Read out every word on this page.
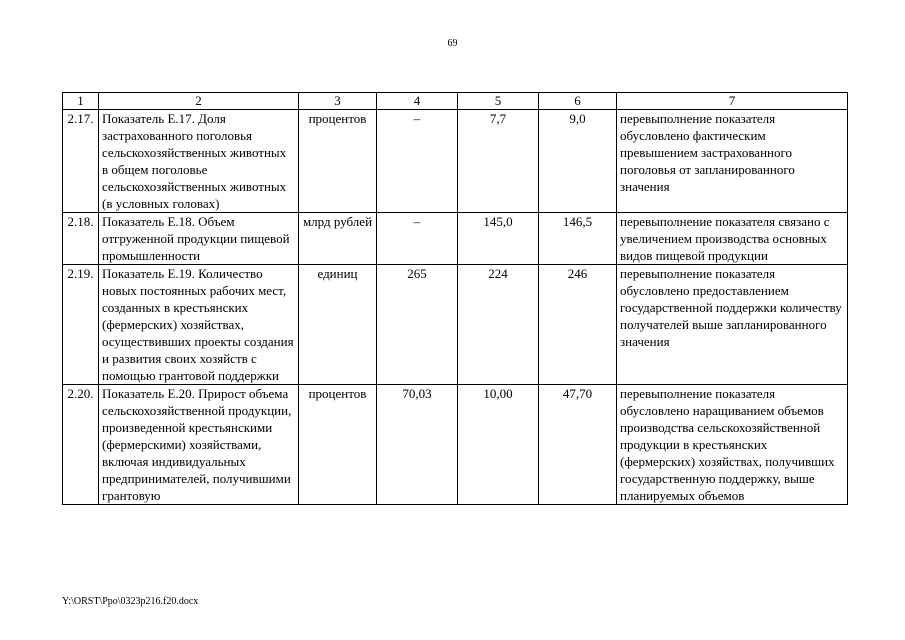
69
1	2	3	4	5	6	7
2.17.	Показатель Е.17. Доля застрахованного поголовья сельскохозяйственных животных в общем поголовье сельскохозяйственных животных (в условных головах)	процентов	–	7,7	9,0	перевыполнение показателя обусловлено фактическим превышением застрахованного поголовья от запланированного значения
2.18.	Показатель Е.18. Объем отгруженной продукции пищевой промышленности	млрд рублей	–	145,0	146,5	перевыполнение показателя связано с увеличением производства основных видов пищевой продукции
2.19.	Показатель Е.19. Количество новых постоянных рабочих мест, созданных в крестьянских (фермерских) хозяйствах, осуществивших проекты создания и развития своих хозяйств с помощью грантовой поддержки	единиц	265	224	246	перевыполнение показателя обусловлено предоставлением государственной поддержки количеству получателей выше запланированного значения
2.20.	Показатель Е.20. Прирост объема сельскохозяйственной продукции, произведенной крестьянскими (фермерскими) хозяйствами, включая индивидуальных предпринимателей, получившими грантовую	процентов	70,03	10,00	47,70	перевыполнение показателя обусловлено наращиванием объемов производства сельскохозяйственной продукции в крестьянских (фермерских) хозяйствах, получивших государственную поддержку, выше планируемых объемов
Y:\ORST\Ppo\0323p216.f20.docx
